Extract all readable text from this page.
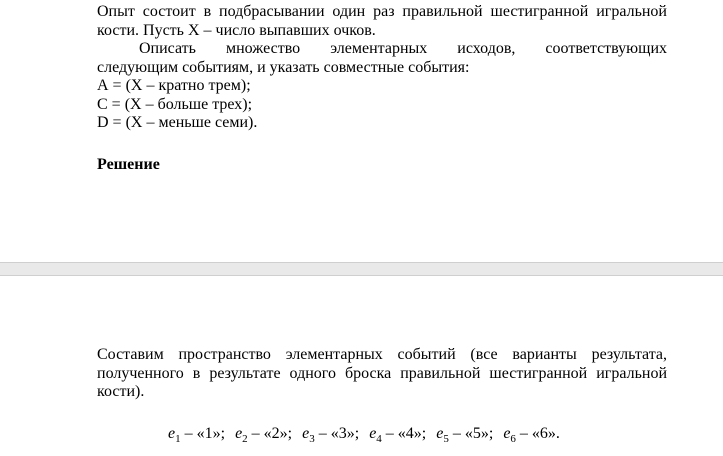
Опыт состоит в подбрасывании один раз правильной шестигранной игральной

кости. Пусть Х – число выпавших очков.

Описать множество элементарных исходов, соответствующих

следующим событиям, и указать совместные события:

А = (Х – кратно трем);

С = (Х – больше трех);

D = (Х – меньше семи).

Решение

Составим пространство элементарных событий (все варианты результата,

полученного в результате одного броска правильной шестигранной игральной

кости).

$e_1$ – «1»; $e_2$ – «2»; $e_3$ – «3»; $e_4$ – «4»; $e_5$ – «5»; $e_6$ – «6».
